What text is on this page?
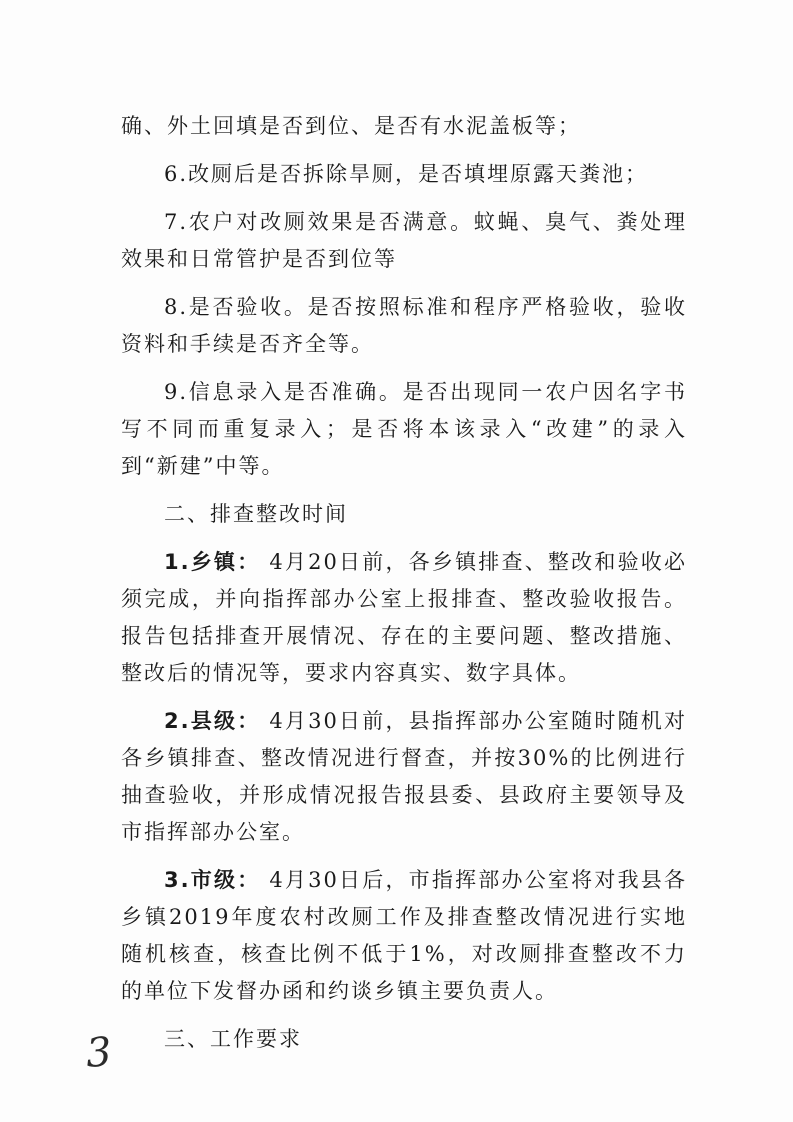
确、外土回填是否到位、是否有水泥盖板等；

6.改厕后是否拆除旱厕，是否填埋原露天粪池；

7.农户对改厕效果是否满意。蚊蝇、臭气、粪处理效果和日常管护是否到位等

8.是否验收。是否按照标准和程序严格验收，验收资料和手续是否齐全等。

9.信息录入是否准确。是否出现同一农户因名字书写不同而重复录入；是否将本该录入“改建”的录入到“新建”中等。

二、排查整改时间

1.乡镇： 4月20日前，各乡镇排查、整改和验收必须完成，并向指挥部办公室上报排查、整改验收报告。报告包括排查开展情况、存在的主要问题、整改措施、整改后的情况等，要求内容真实、数字具体。

2.县级： 4月30日前，县指挥部办公室随时随机对各乡镇排查、整改情况进行督查，并按30%的比例进行抽查验收，并形成情况报告报县委、县政府主要领导及市指挥部办公室。

3.市级： 4月30日后，市指挥部办公室将对我县各乡镇2019年度农村改厕工作及排查整改情况进行实地随机核查，核查比例不低于1%，对改厕排查整改不力的单位下发督办函和约谈乡镇主要负责人。

三、工作要求

3
